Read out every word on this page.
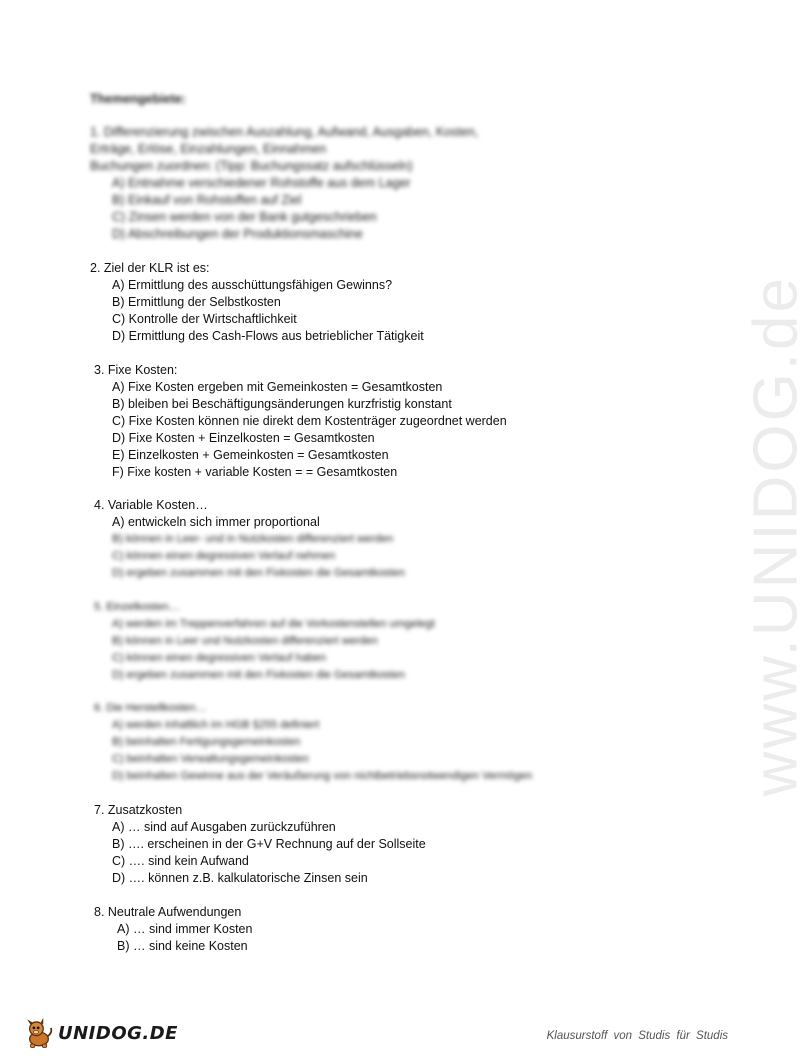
www.UNIDOG.de
Themengebiete:
1. Differenzierung zwischen Auszahlung, Aufwand, Ausgaben, Kosten,
Erträge, Erlöse, Einzahlungen, Einnahmen
Buchungen zuordnen: (Tipp: Buchungssatz aufschlüsseln)
A) Entnahme verschiedener Rohstoffe aus dem Lager
B) Einkauf von Rohstoffen auf Ziel
C) Zinsen werden von der Bank gutgeschrieben
D) Abschreibungen der Produktionsmaschine
2. Ziel der KLR ist es:
A) Ermittlung des ausschüttungsfähigen Gewinns?
B) Ermittlung der Selbstkosten
C) Kontrolle der Wirtschaftlichkeit
D) Ermittlung des Cash-Flows aus betrieblicher Tätigkeit
3. Fixe Kosten:
A) Fixe Kosten ergeben mit Gemeinkosten = Gesamtkosten
B) bleiben bei Beschäftigungsänderungen kurzfristig konstant
C) Fixe Kosten können nie direkt dem Kostenträger zugeordnet werden
D) Fixe Kosten + Einzelkosten = Gesamtkosten
E) Einzelkosten + Gemeinkosten = Gesamtkosten
F) Fixe kosten + variable Kosten = = Gesamtkosten
4. Variable Kosten…
A) entwickeln sich immer proportional
B) können in Leer- und in Nutzkosten differenziert werden
C) können einen degressiven Verlauf nehmen
D) ergeben zusammen mit den Fixkosten die Gesamtkosten
5. Einzelkosten…
A) werden im Treppenverfahren auf die Vorkostenstellen umgelegt
B) können in Leer und Nutzkosten differenziert werden
C) können einen degressiven Verlauf haben
D) ergeben zusammen mit den Fixkosten die Gesamtkosten
6. Die Herstellkosten…
A) werden inhaltlich im HGB §255 definiert
B) beinhalten Fertigungsgemeinkosten
C) beinhalten Verwaltungsgemeinkosten
D) beinhalten Gewinne aus der Veräußerung von nichtbetriebsnotwendigen Vermögen
7. Zusatzkosten
A) … sind auf Ausgaben zurückzuführen
B) …. erscheinen in der G+V Rechnung auf der Sollseite
C) …. sind kein Aufwand
D) …. können z.B. kalkulatorische Zinsen sein
8. Neutrale Aufwendungen
A) … sind immer Kosten
B) … sind keine Kosten
UNIDOG.DE	Klausurstoff von Studis für Studis
